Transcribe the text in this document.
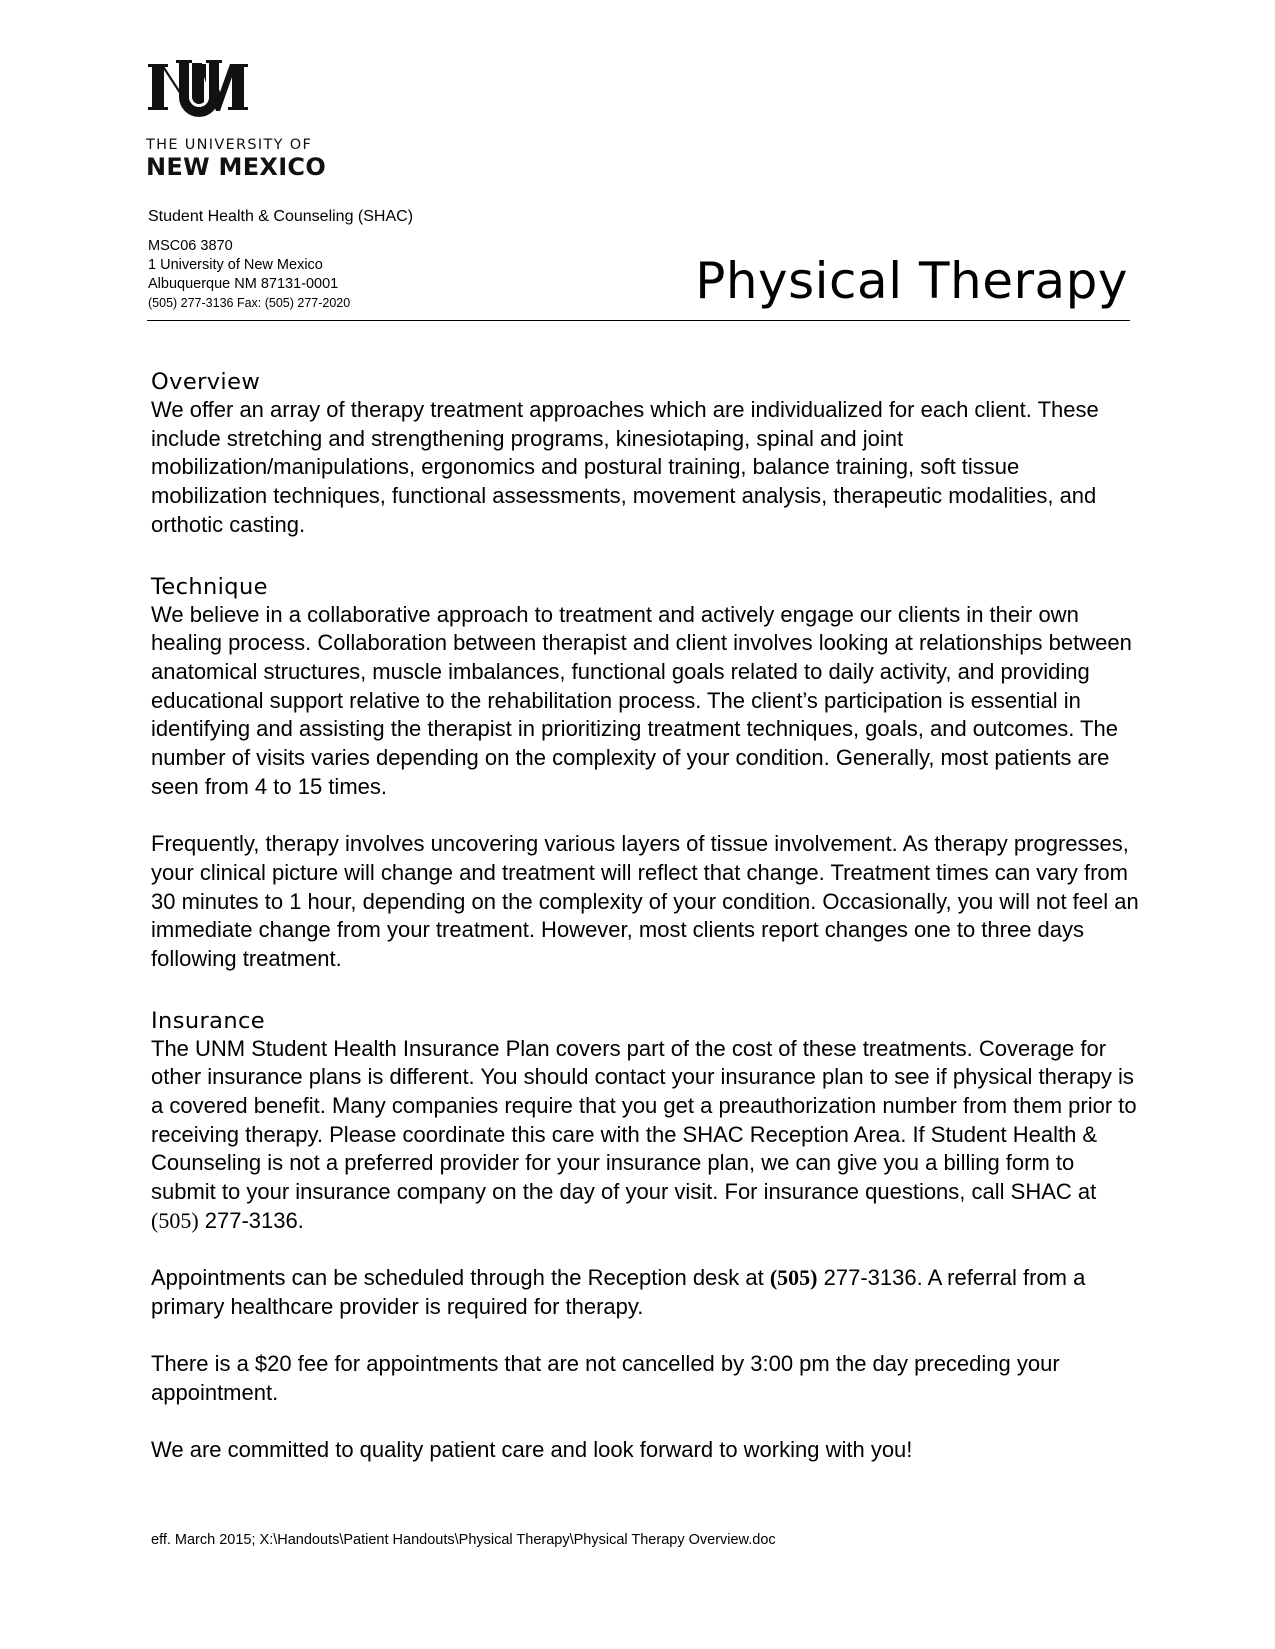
THE UNIVERSITY OF
NEW MEXICO
Student Health & Counseling (SHAC)
MSC06 3870
1 University of New Mexico
Albuquerque NM 87131-0001
(505) 277-3136 Fax: (505) 277-2020	Physical Therapy
Overview

We offer an array of therapy treatment approaches which are individualized for each client. These include stretching and strengthening programs, kinesiotaping, spinal and joint mobilization/manipulations, ergonomics and postural training, balance training, soft tissue mobilization techniques, functional assessments, movement analysis, therapeutic modalities, and orthotic casting.

Technique

We believe in a collaborative approach to treatment and actively engage our clients in their own healing process. Collaboration between therapist and client involves looking at relationships between anatomical structures, muscle imbalances, functional goals related to daily activity, and providing educational support relative to the rehabilitation process. The client’s participation is essential in identifying and assisting the therapist in prioritizing treatment techniques, goals, and outcomes. The number of visits varies depending on the complexity of your condition. Generally, most patients are seen from 4 to 15 times.

Frequently, therapy involves uncovering various layers of tissue involvement. As therapy progresses, your clinical picture will change and treatment will reflect that change. Treatment times can vary from 30 minutes to 1 hour, depending on the complexity of your condition. Occasionally, you will not feel an immediate change from your treatment. However, most clients report changes one to three days following treatment.

Insurance

The UNM Student Health Insurance Plan covers part of the cost of these treatments. Coverage for other insurance plans is different. You should contact your insurance plan to see if physical therapy is a covered benefit. Many companies require that you get a preauthorization number from them prior to receiving therapy. Please coordinate this care with the SHAC Reception Area. If Student Health & Counseling is not a preferred provider for your insurance plan, we can give you a billing form to submit to your insurance company on the day of your visit. For insurance questions, call SHAC at (505) 277-3136.

Appointments can be scheduled through the Reception desk at (505) 277-3136. A referral from a primary healthcare provider is required for therapy.

There is a $20 fee for appointments that are not cancelled by 3:00 pm the day preceding your appointment.

We are committed to quality patient care and look forward to working with you!

eff. March 2015; X:\Handouts\Patient Handouts\Physical Therapy\Physical Therapy Overview.doc
